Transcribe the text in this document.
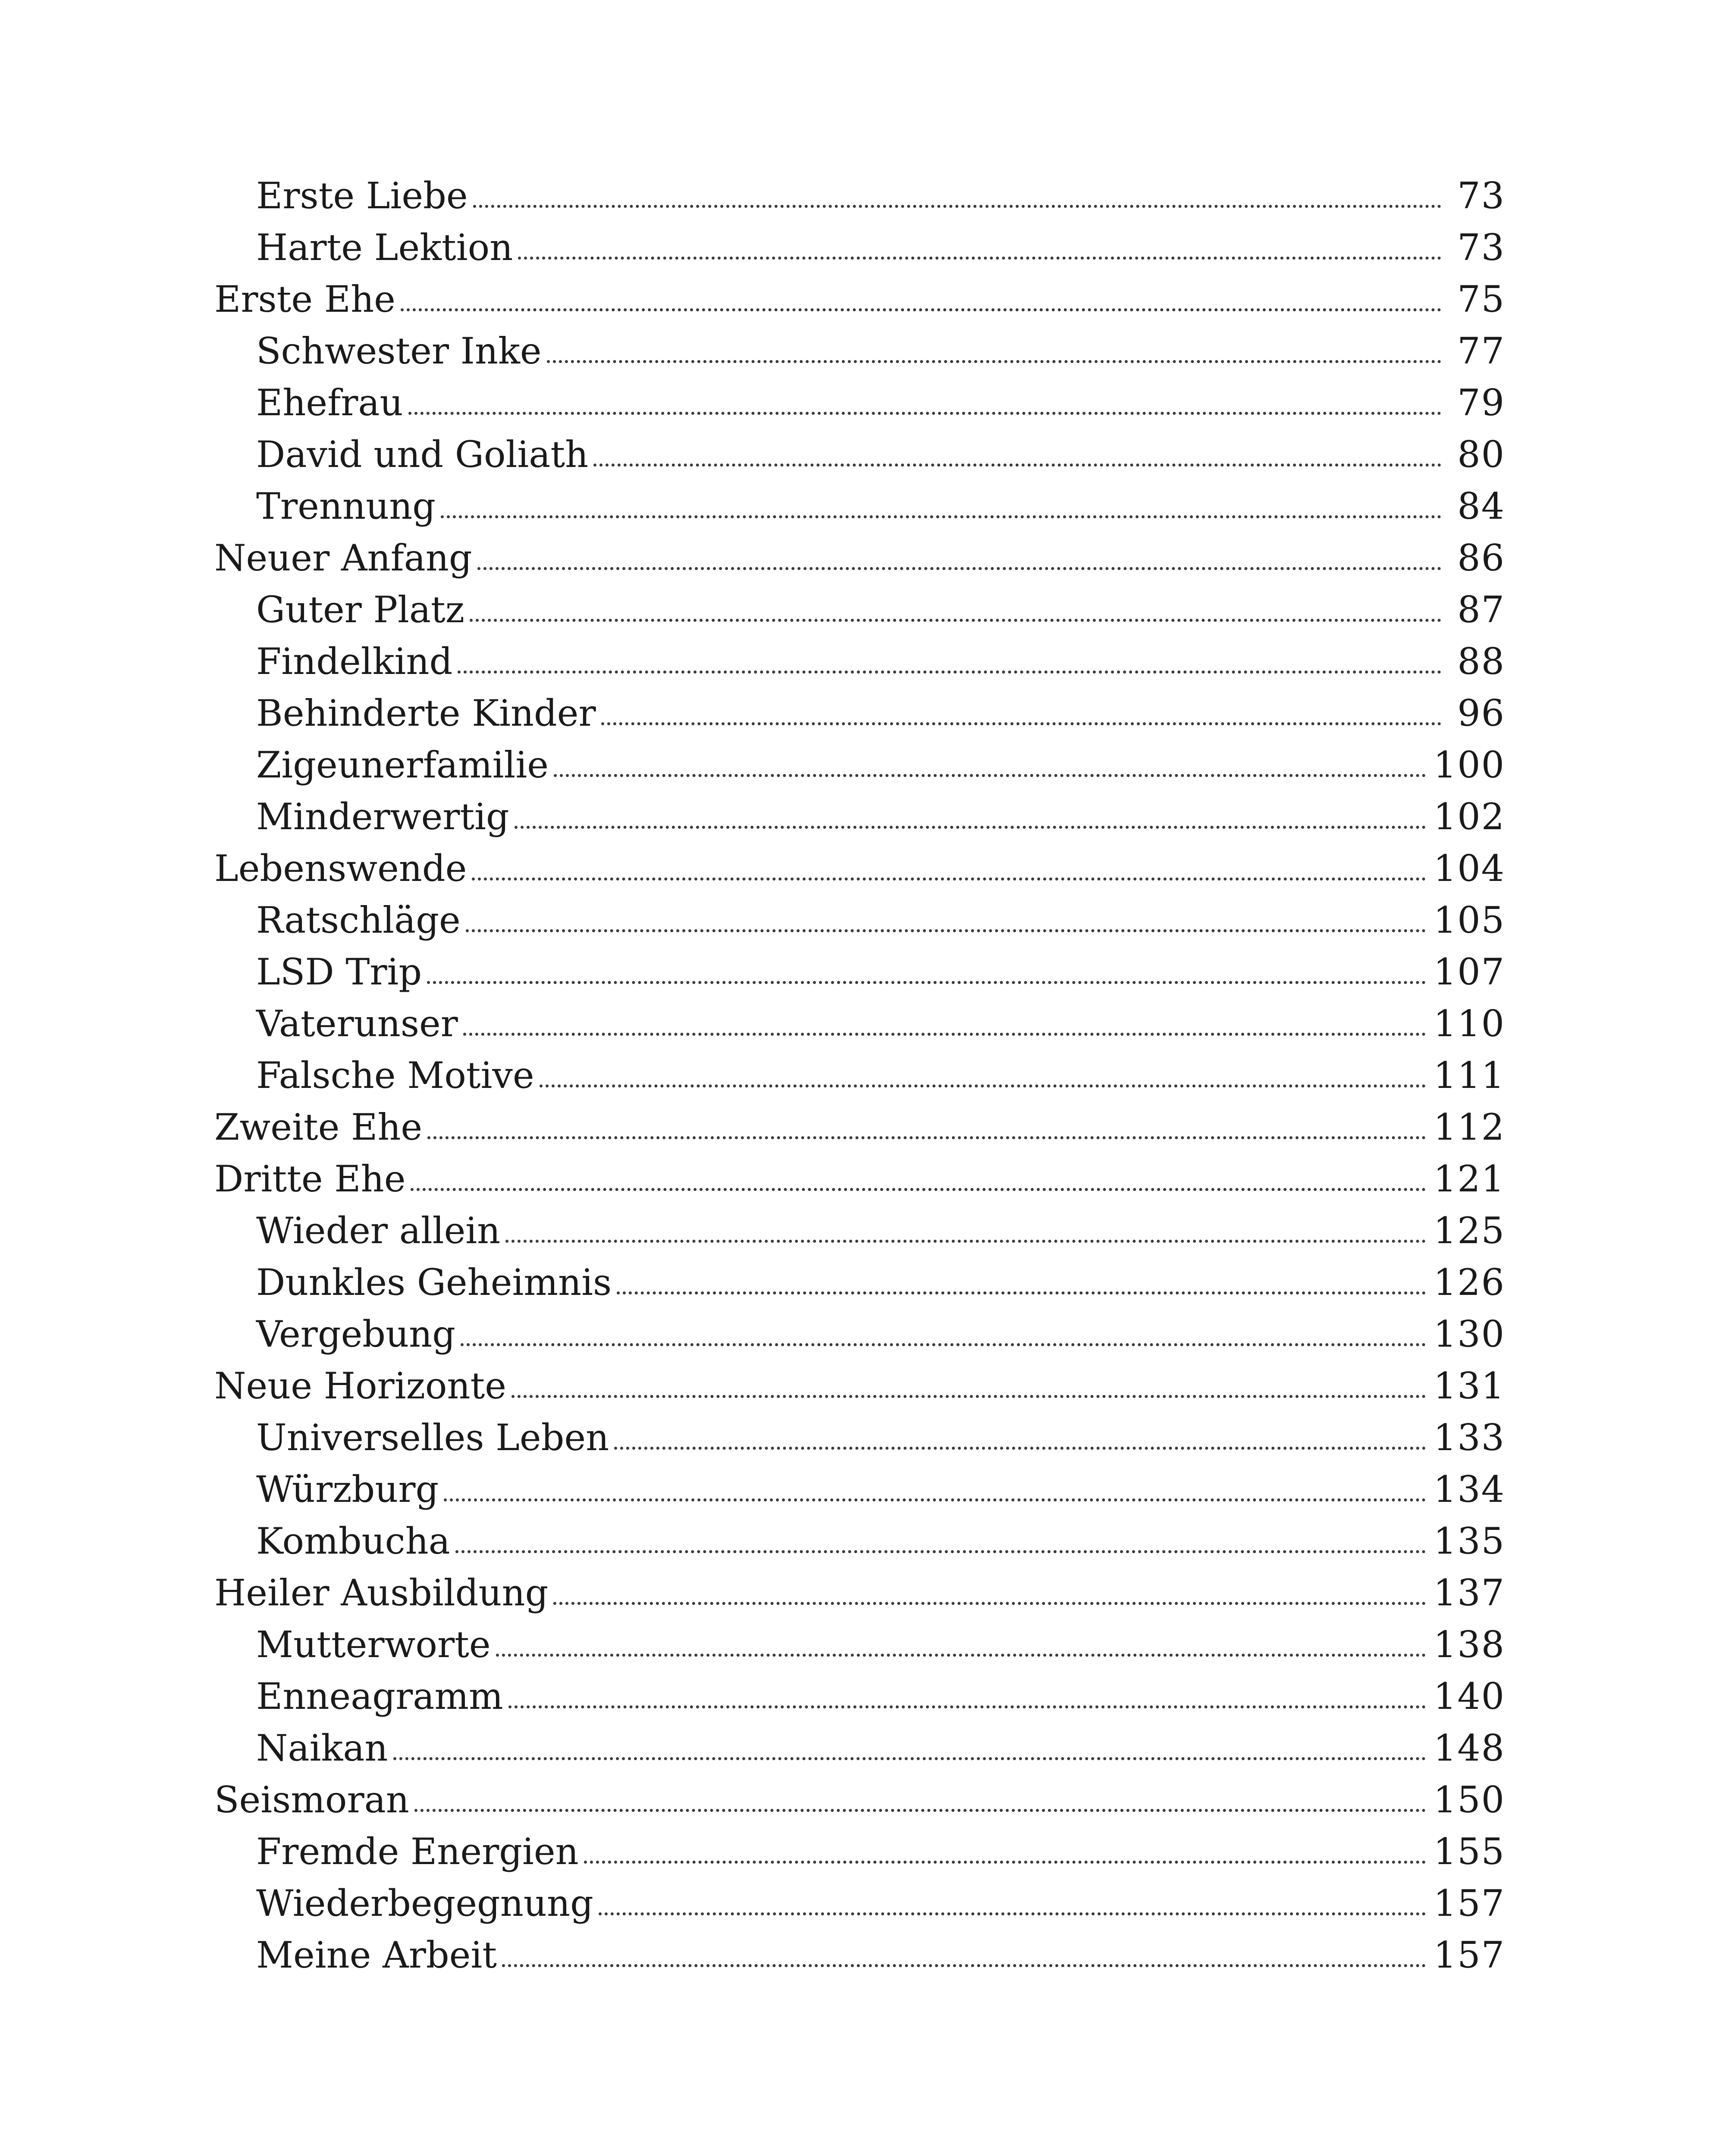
Erste Liebe	73
Harte Lektion	73
Erste Ehe	75
Schwester Inke	77
Ehefrau	79
David und Goliath	80
Trennung	84
Neuer Anfang	86
Guter Platz	87
Findelkind	88
Behinderte Kinder	96
Zigeunerfamilie	100
Minderwertig	102
Lebenswende	104
Ratschläge	105
LSD Trip	107
Vaterunser	110
Falsche Motive	111
Zweite Ehe	112
Dritte Ehe	121
Wieder allein	125
Dunkles Geheimnis	126
Vergebung	130
Neue Horizonte	131
Universelles Leben	133
Würzburg	134
Kombucha	135
Heiler Ausbildung	137
Mutterworte	138
Enneagramm	140
Naikan	148
Seismoran	150
Fremde Energien	155
Wiederbegegnung	157
Meine Arbeit	157
